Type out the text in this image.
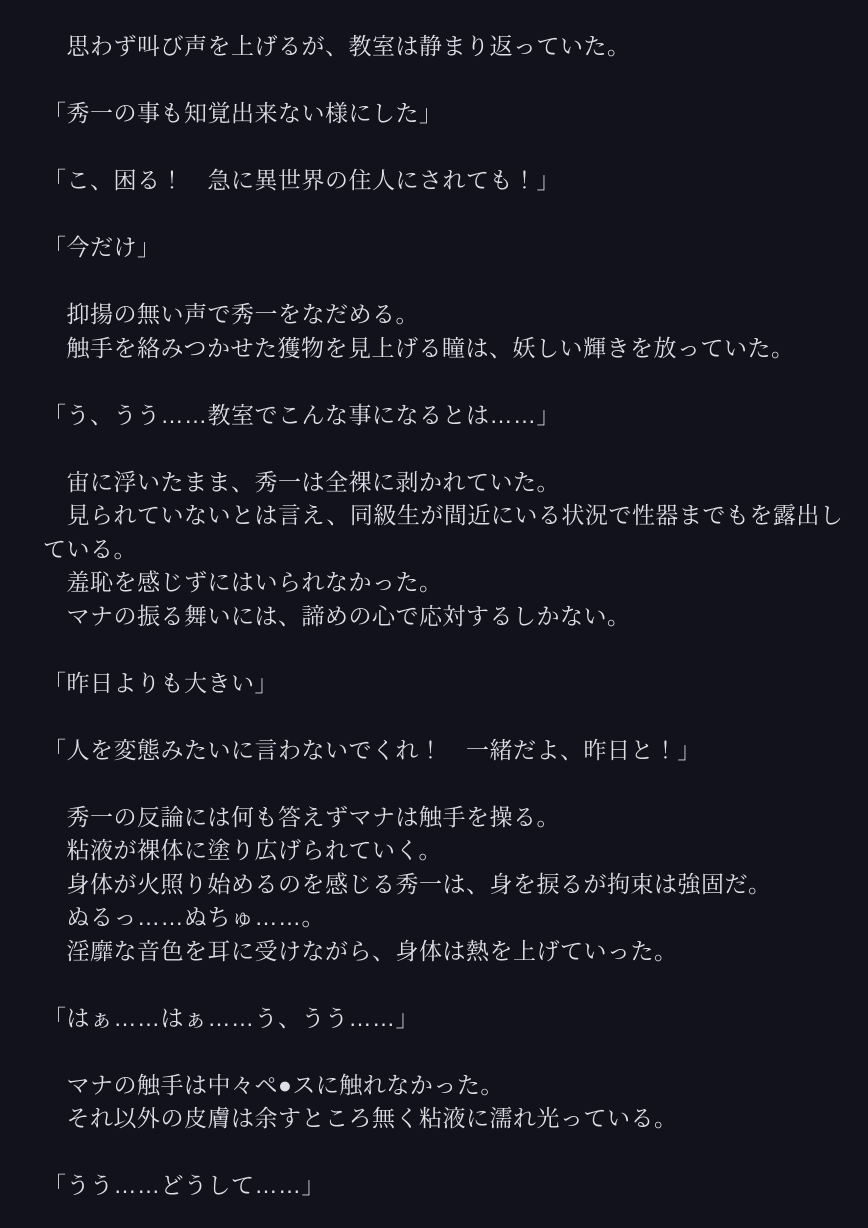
　思わず叫び声を上げるが、教室は静まり返っていた。

「秀一の事も知覚出来ない様にした」

「こ、困る！　急に異世界の住人にされても！」

「今だけ」

　抑揚の無い声で秀一をなだめる。

　触手を絡みつかせた獲物を見上げる瞳は、妖しい輝きを放っていた。

「う、うう……教室でこんな事になるとは……」

　宙に浮いたまま、秀一は全裸に剥かれていた。

　見られていないとは言え、同級生が間近にいる状況で性器までもを露出し

ている。

　羞恥を感じずにはいられなかった。

　マナの振る舞いには、諦めの心で応対するしかない。

「昨日よりも大きい」

「人を変態みたいに言わないでくれ！　一緒だよ、昨日と！」

　秀一の反論には何も答えずマナは触手を操る。

　粘液が裸体に塗り広げられていく。

　身体が火照り始めるのを感じる秀一は、身を捩るが拘束は強固だ。

　ぬるっ……ぬちゅ……。

　淫靡な音色を耳に受けながら、身体は熱を上げていった。

「はぁ……はぁ……う、うう……」

　マナの触手は中々ペ●スに触れなかった。

　それ以外の皮膚は余すところ無く粘液に濡れ光っている。

「うう……どうして……」
